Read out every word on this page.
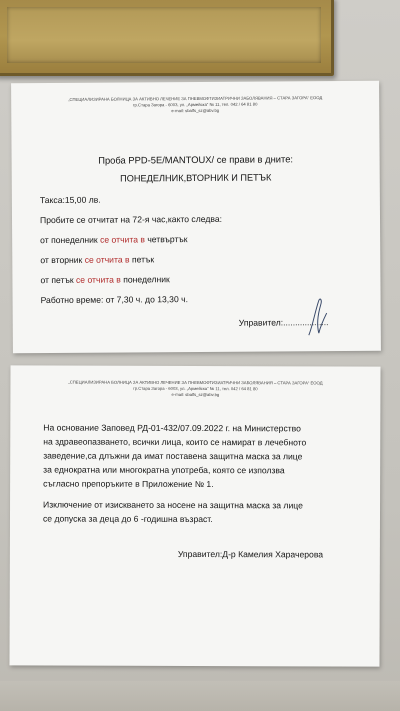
„СПЕЦИАЛИЗИРАНА БОЛНИЦА ЗА АКТИВНО ЛЕЧЕНИЕ ЗА ПНЕВМОФТИЗИАТРИЧНИ ЗАБОЛЯВАНИЯ – СТАРА ЗАГОРА“ ЕООД
гр.Стара Загора - 6003, ул. „Армейска“ № 11, тел. 042 / 64 81 80
e-mail: sbalfs_sz@abv.bg
Проба PPD-5E/MANTOUX/ се прави в дните:
ПОНЕДЕЛНИК,ВТОРНИК И ПЕТЪК
Такса:15,00 лв.
Пробите се отчитат на 72-я час,както следва:
от понеделник се отчита в четвъртък
от вторник се отчита в петък
от петък се отчита в понеделник
Работно време: от 7,30 ч. до 13,30 ч.
Управител:...................
„СПЕЦИАЛИЗИРАНА БОЛНИЦА ЗА АКТИВНО ЛЕЧЕНИЕ ЗА ПНЕВМОФТИЗИАТРИЧНИ ЗАБОЛЯВАНИЯ – СТАРА ЗАГОРА“ ЕООД
гр.Стара Загора - 6003, ул. „Армейска“ № 11, тел. 042 / 64 81 80
e-mail: sbalfs_sz@abv.bg
На основание Заповед РД-01-432/07.09.2022 г. на Министерство
на здравеопазването, всички лица, които се намират в лечебното
заведение,са длъжни да имат поставена защитна маска за лице
за еднократна или многократна употреба, която се използва
съгласно препоръките в Приложение № 1.
Изключение от изискването за носене на защитна маска за лице
се допуска за деца до 6 -годишна възраст.
Управител:Д-р Камелия Харачерова
